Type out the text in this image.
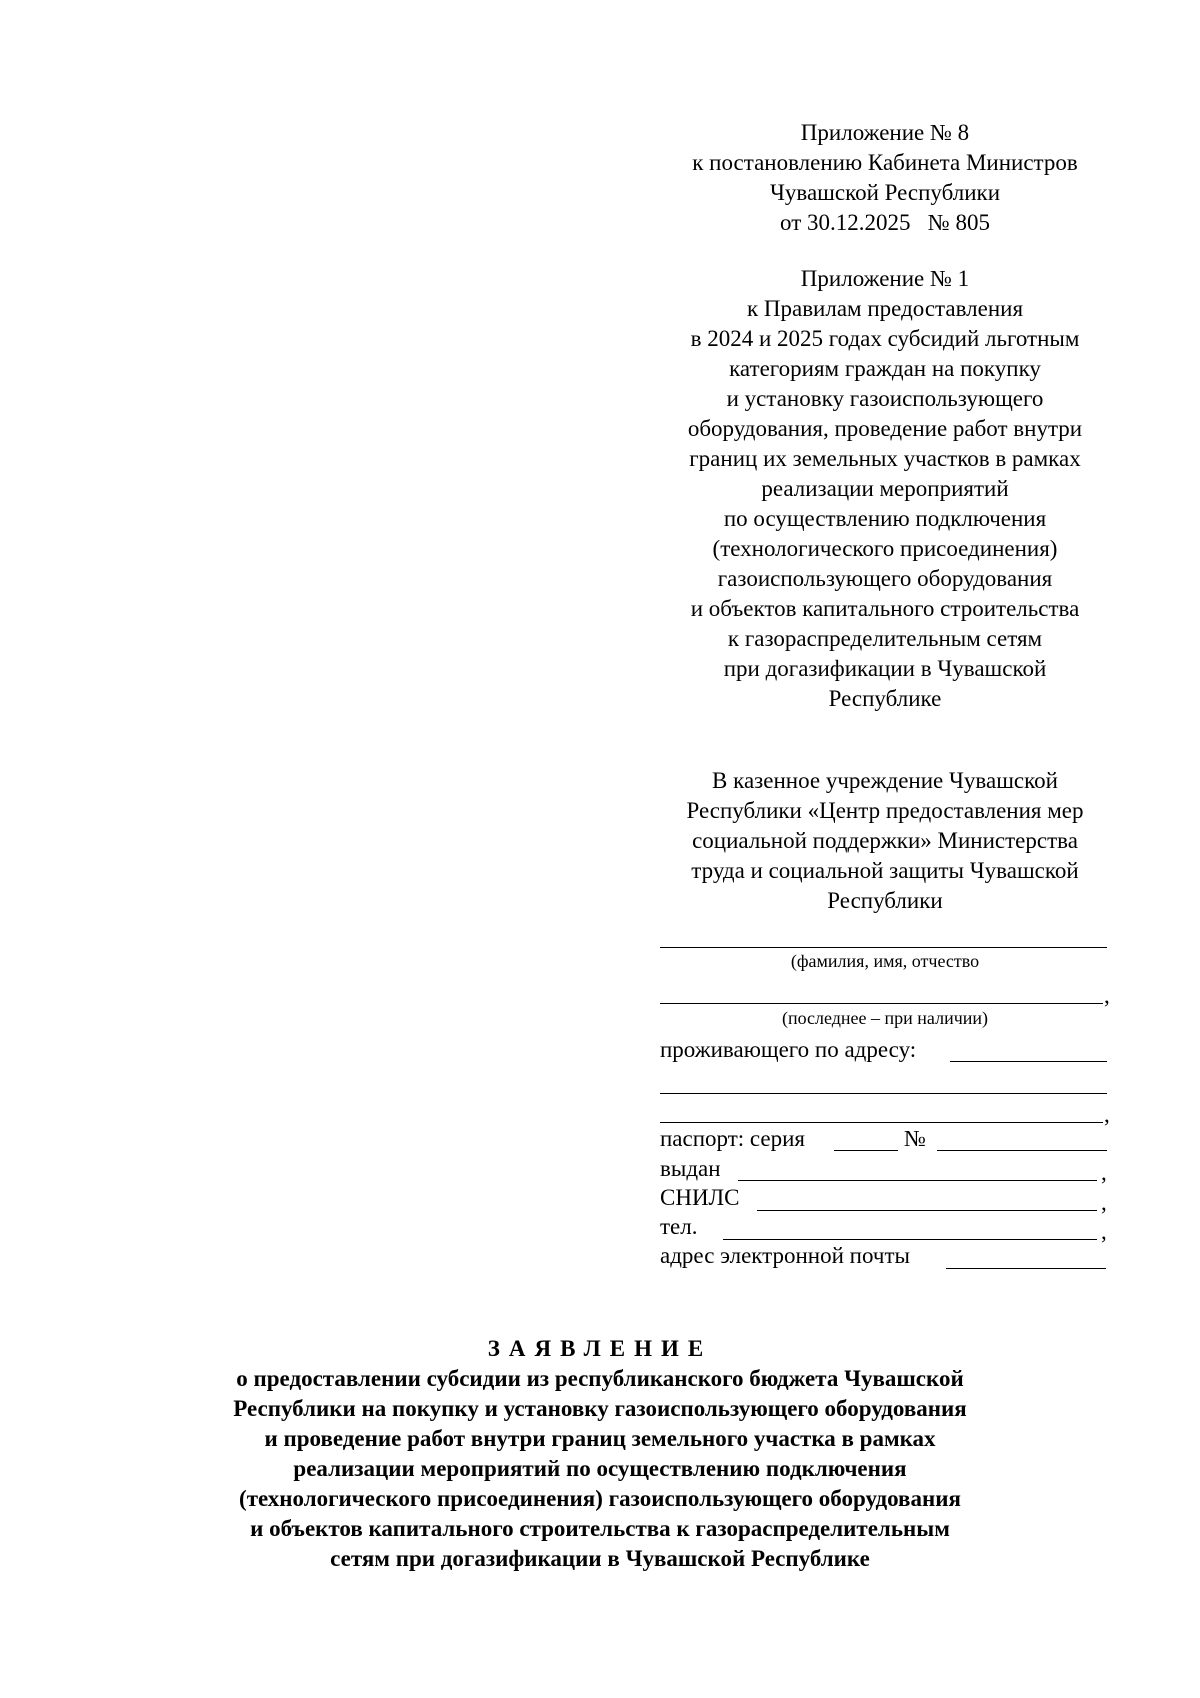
Приложение № 8
к постановлению Кабинета Министров
Чувашской Республики
от 30.12.2025   № 805
Приложение № 1
к Правилам предоставления
в 2024 и 2025 годах субсидий льготным
категориям граждан на покупку
и установку газоиспользующего
оборудования, проведение работ внутри
границ их земельных участков в рамках
реализации мероприятий
по осуществлению подключения
(технологического присоединения)
газоиспользующего оборудования
и объектов капитального строительства
к газораспределительным сетям
при догазификации в Чувашской
Республике
В казенное учреждение Чувашской
Республики «Центр предоставления мер
социальной поддержки» Министерства
труда и социальной защиты Чувашской
Республики
(фамилия, имя, отчество
,
(последнее – при наличии)
проживающего по адресу:
,
паспорт: серия	№
выдан	,
СНИЛС	,
тел.	,
адрес электронной почты
ЗАЯВЛЕНИЕ
о предоставлении субсидии из республиканского бюджета Чувашской
Республики на покупку и установку газоиспользующего оборудования
и проведение работ внутри границ земельного участка в рамках
реализации мероприятий по осуществлению подключения
(технологического присоединения) газоиспользующего оборудования
и объектов капитального строительства к газораспределительным
сетям при догазификации в Чувашской Республике
